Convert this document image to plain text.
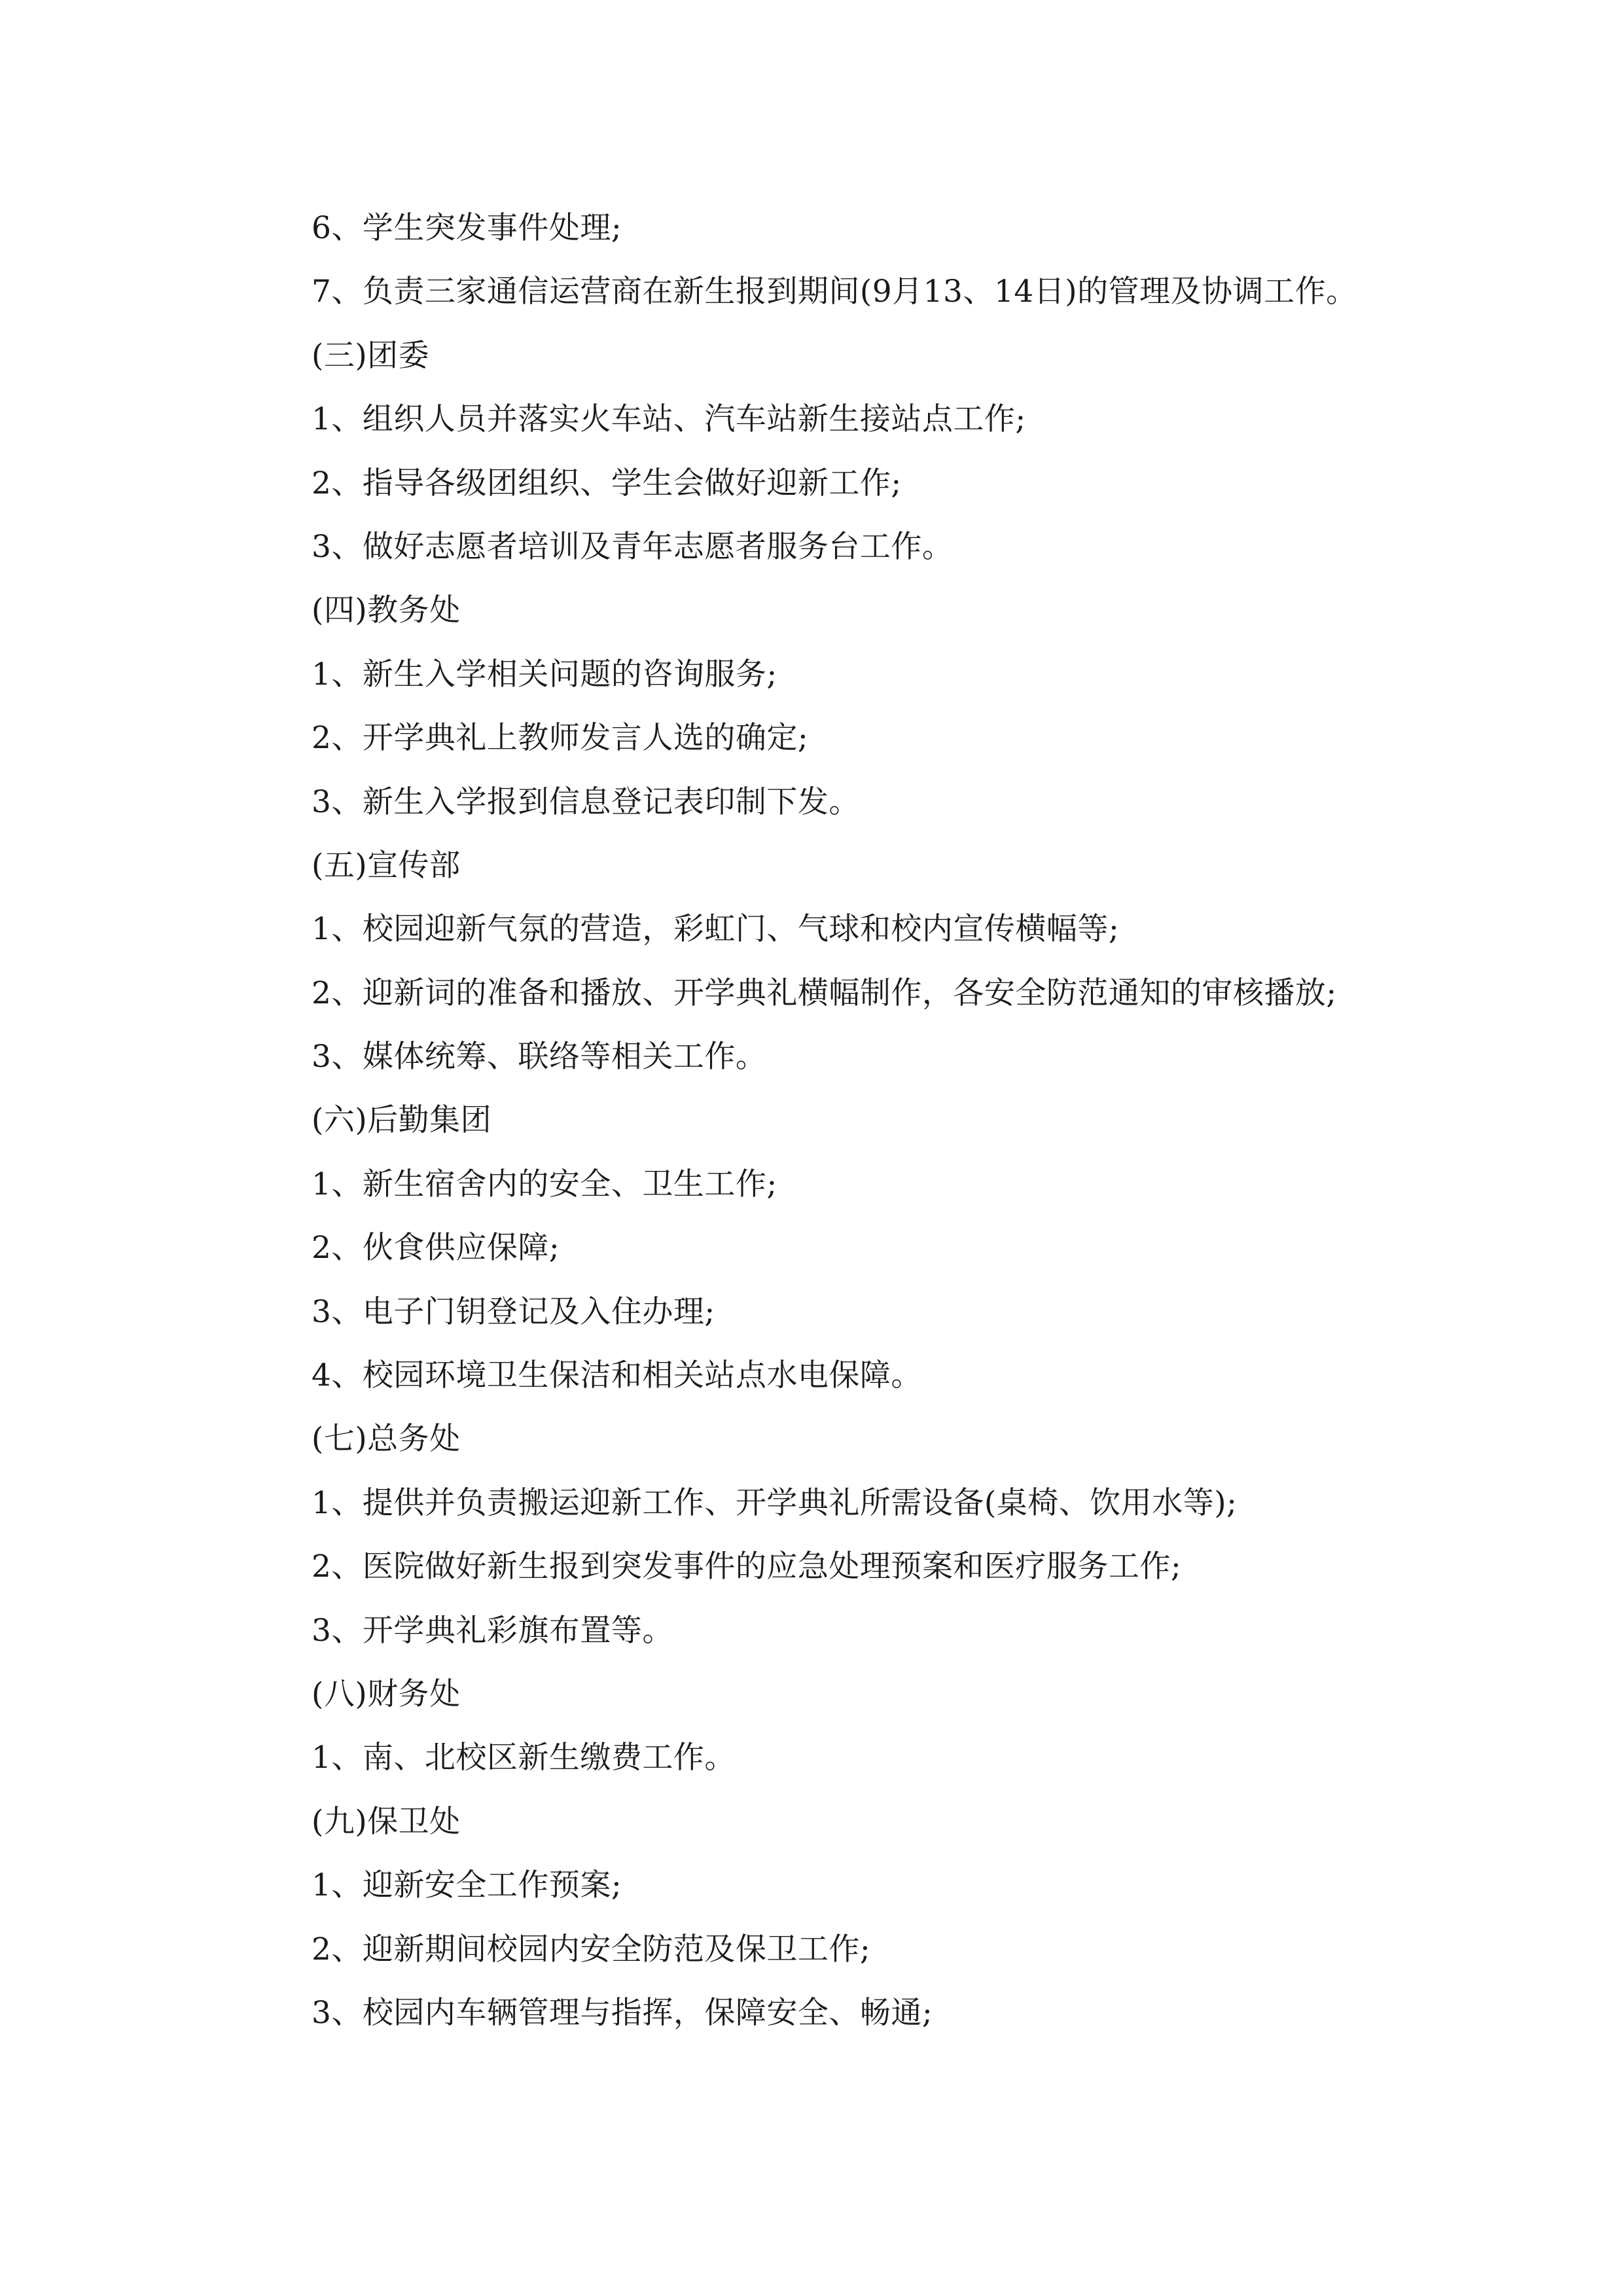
6、学生突发事件处理;
7、负责三家通信运营商在新生报到期间(9月13、14日)的管理及协调工作。
(三)团委
1、组织人员并落实火车站、汽车站新生接站点工作;
2、指导各级团组织、学生会做好迎新工作;
3、做好志愿者培训及青年志愿者服务台工作。
(四)教务处
1、新生入学相关问题的咨询服务;
2、开学典礼上教师发言人选的确定;
3、新生入学报到信息登记表印制下发。
(五)宣传部
1、校园迎新气氛的营造，彩虹门、气球和校内宣传横幅等;
2、迎新词的准备和播放、开学典礼横幅制作，各安全防范通知的审核播放;
3、媒体统筹、联络等相关工作。
(六)后勤集团
1、新生宿舍内的安全、卫生工作;
2、伙食供应保障;
3、电子门钥登记及入住办理;
4、校园环境卫生保洁和相关站点水电保障。
(七)总务处
1、提供并负责搬运迎新工作、开学典礼所需设备(桌椅、饮用水等);
2、医院做好新生报到突发事件的应急处理预案和医疗服务工作;
3、开学典礼彩旗布置等。
(八)财务处
1、南、北校区新生缴费工作。
(九)保卫处
1、迎新安全工作预案;
2、迎新期间校园内安全防范及保卫工作;
3、校园内车辆管理与指挥，保障安全、畅通;
